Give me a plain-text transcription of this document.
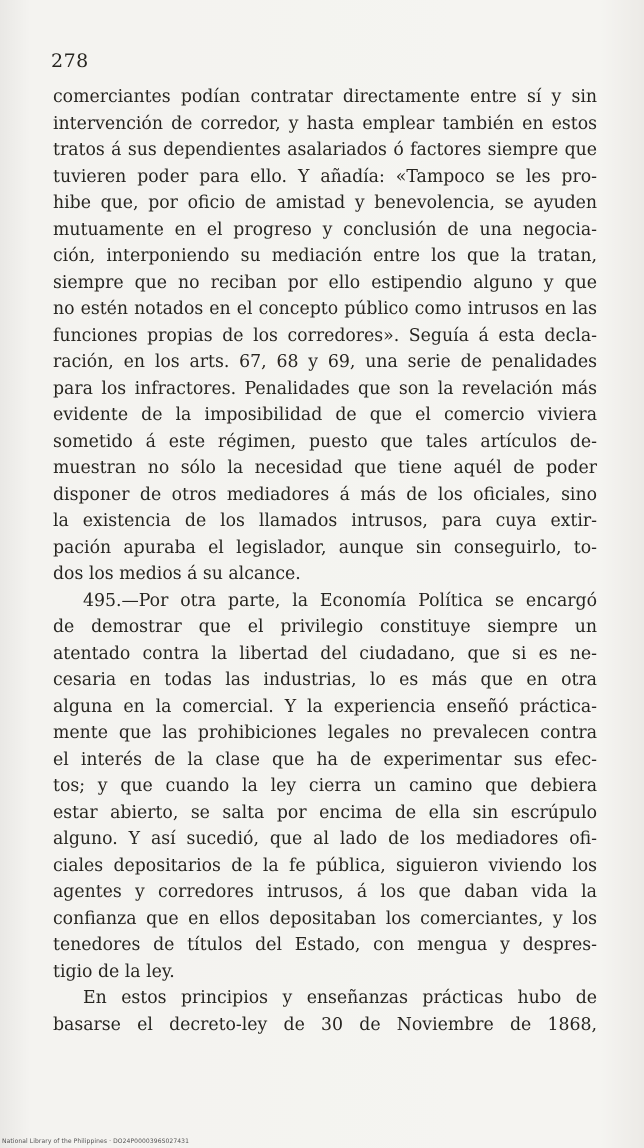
278
comerciantes podían contratar directamente entre sí y sin
intervención de corredor, y hasta emplear también en estos
tratos á sus dependientes asalariados ó factores siempre que
tuvieren poder para ello. Y añadía: «Tampoco se les pro-
hibe que, por oficio de amistad y benevolencia, se ayuden
mutuamente en el progreso y conclusión de una negocia-
ción, interponiendo su mediación entre los que la tratan,
siempre que no reciban por ello estipendio alguno y que
no estén notados en el concepto público como intrusos en las
funciones propias de los corredores». Seguía á esta decla-
ración, en los arts. 67, 68 y 69, una serie de penalidades
para los infractores. Penalidades que son la revelación más
evidente de la imposibilidad de que el comercio viviera
sometido á este régimen, puesto que tales artículos de-
muestran no sólo la necesidad que tiene aquél de poder
disponer de otros mediadores á más de los oficiales, sino
la existencia de los llamados intrusos, para cuya extir-
pación apuraba el legislador, aunque sin conseguirlo, to-
dos los medios á su alcance.
495.—Por otra parte, la Economía Política se encargó
de demostrar que el privilegio constituye siempre un
atentado contra la libertad del ciudadano, que si es ne-
cesaria en todas las industrias, lo es más que en otra
alguna en la comercial. Y la experiencia enseñó práctica-
mente que las prohibiciones legales no prevalecen contra
el interés de la clase que ha de experimentar sus efec-
tos; y que cuando la ley cierra un camino que debiera
estar abierto, se salta por encima de ella sin escrúpulo
alguno. Y así sucedió, que al lado de los mediadores ofi-
ciales depositarios de la fe pública, siguieron viviendo los
agentes y corredores intrusos, á los que daban vida la
confianza que en ellos depositaban los comerciantes, y los
tenedores de títulos del Estado, con mengua y despres-
tigio de la ley.
En estos principios y enseñanzas prácticas hubo de
basarse el decreto-ley de 30 de Noviembre de 1868,
National Library of the Philippines · DO24P0000396S027431
